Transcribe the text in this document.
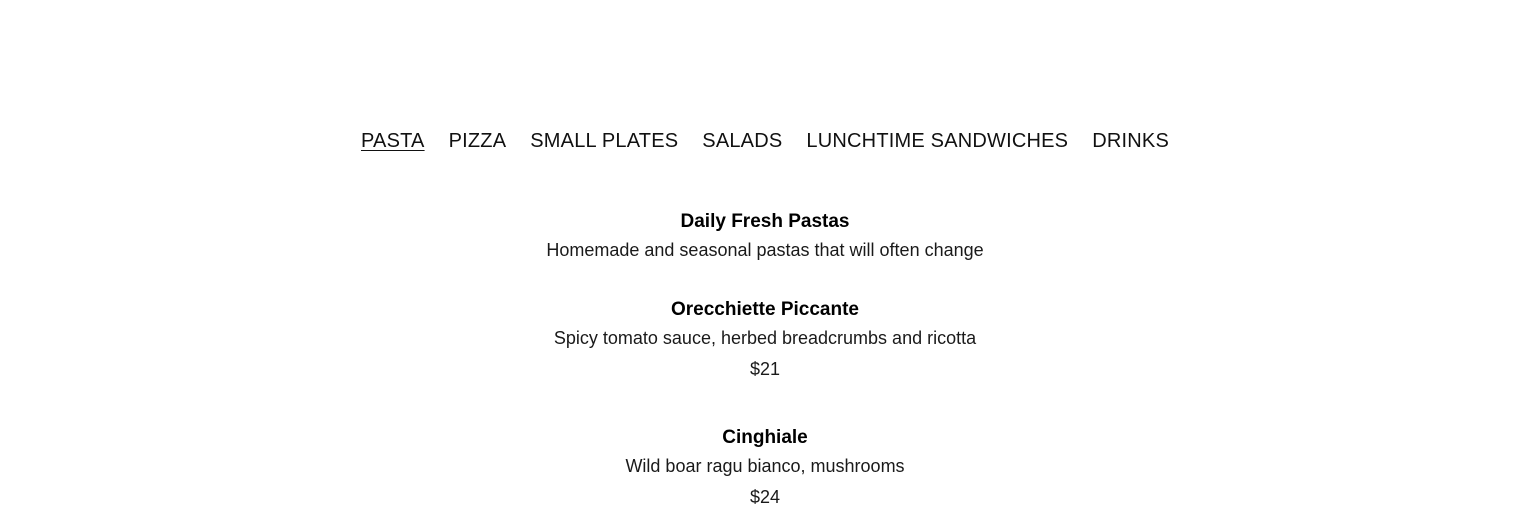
PASTA PIZZA SMALL PLATES SALADS LUNCHTIME SANDWICHES DRINKS
Daily Fresh Pastas
Homemade and seasonal pastas that will often change
Orecchiette Piccante
Spicy tomato sauce, herbed breadcrumbs and ricotta
$21
Cinghiale
Wild boar ragu bianco, mushrooms
$24
